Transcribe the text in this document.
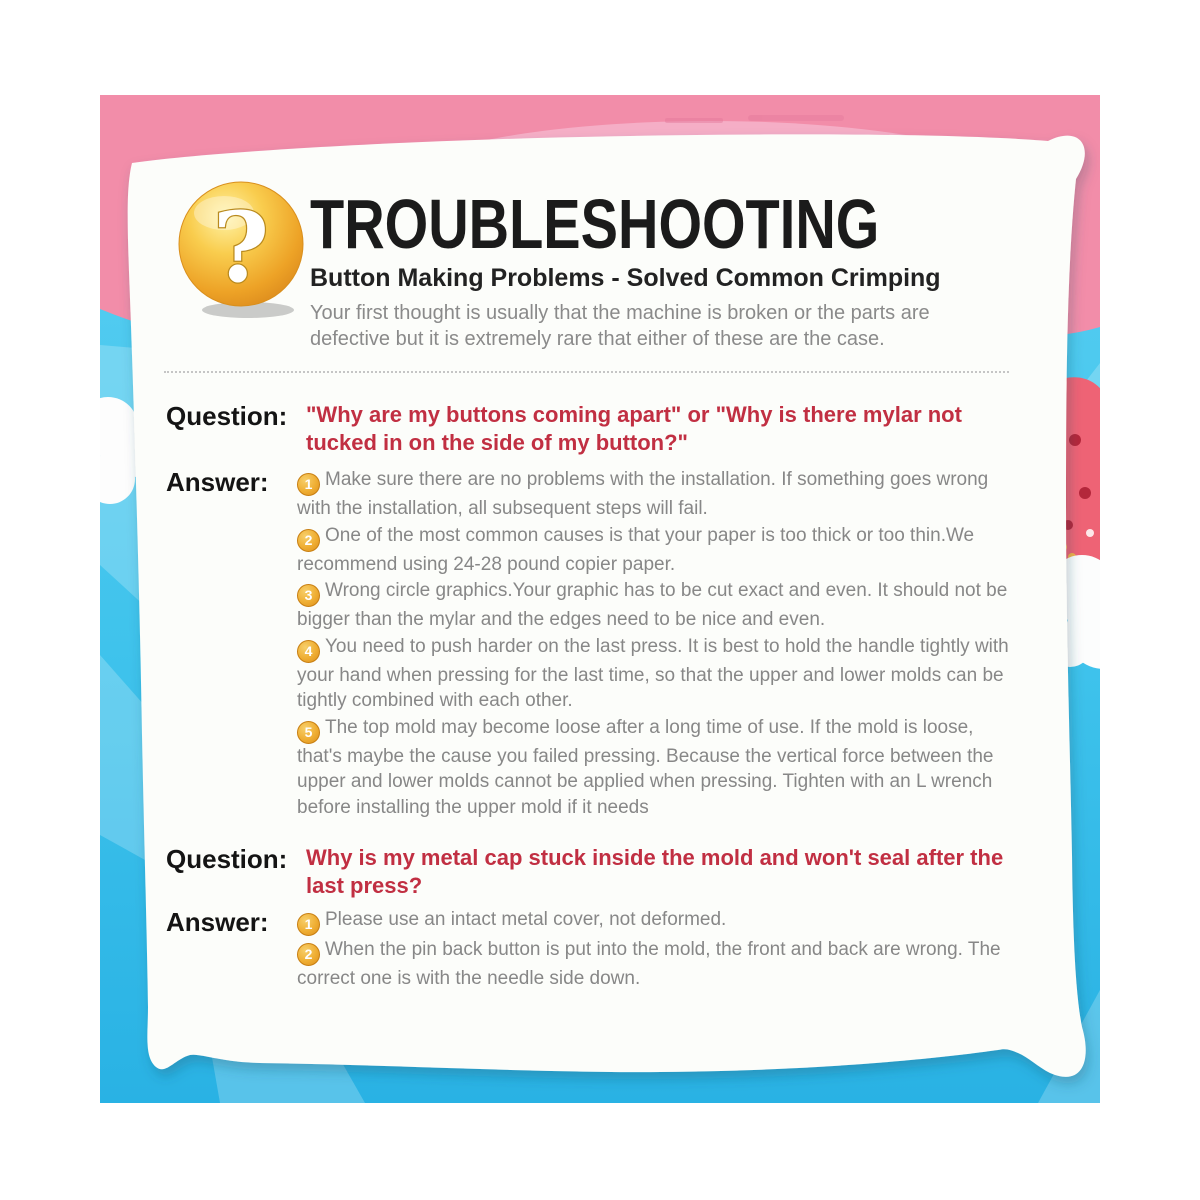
? TROUBLESHOOTING
Button Making Problems - Solved Common Crimping
Your first thought is usually that the machine is broken or the parts are defective but it is extremely rare that either of these are the case.
Question: "Why are my buttons coming apart" or "Why is there mylar not tucked in on the side of my button?"
Answer:	1 Make sure there are no problems with the installation. If something goes wrong with the installation, all subsequent steps will fail.
2 One of the most common causes is that your paper is too thick or too thin.We recommend using 24-28 pound copier paper.
3 Wrong circle graphics.Your graphic has to be cut exact and even. It should not be bigger than the mylar and the edges need to be nice and even.
4 You need to push harder on the last press. It is best to hold the handle tightly with your hand when pressing for the last time, so that the upper and lower molds can be tightly combined with each other.
5 The top mold may become loose after a long time of use. If the mold is loose, that's maybe the cause you failed pressing. Because the vertical force between the upper and lower molds cannot be applied when pressing. Tighten with an L wrench before installing the upper mold if it needs
Question: Why is my metal cap stuck inside the mold and won't seal after the last press?
Answer:	1 Please use an intact metal cover, not deformed.
2 When the pin back button is put into the mold, the front and back are wrong. The correct one is with the needle side down.
